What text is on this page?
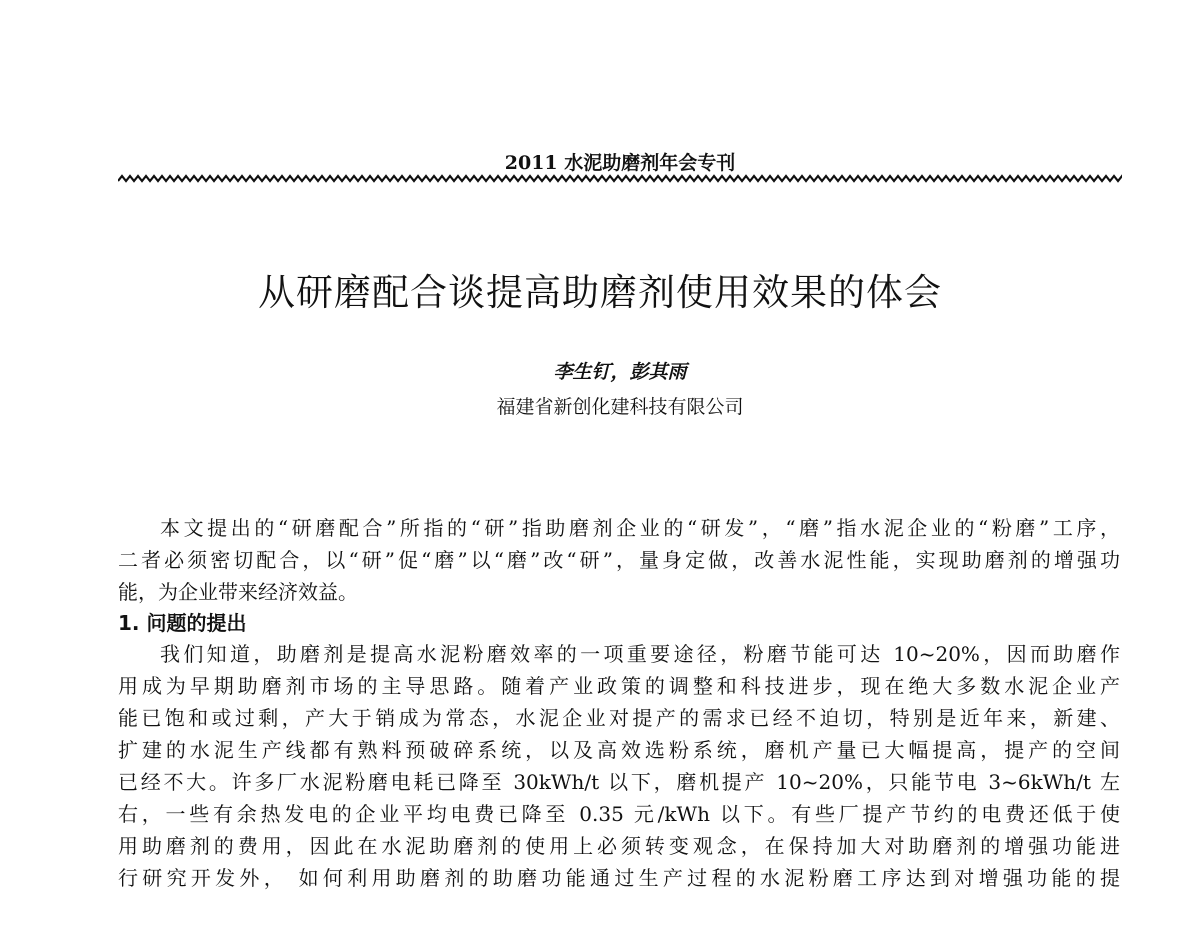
2011 水泥助磨剂年会专刊
从研磨配合谈提高助磨剂使用效果的体会
李生钉，彭其雨
福建省新创化建科技有限公司
本文提出的“研磨配合”所指的“研”指助磨剂企业的“研发”，“磨”指水泥企业的“粉磨”工序，
二者必须密切配合，以“研”促“磨”以“磨”改“研”，量身定做，改善水泥性能，实现助磨剂的增强功
能，为企业带来经济效益。
1. 问题的提出
我们知道，助磨剂是提高水泥粉磨效率的一项重要途径，粉磨节能可达 10~20%，因而助磨作
用成为早期助磨剂市场的主导思路。随着产业政策的调整和科技进步，现在绝大多数水泥企业产
能已饱和或过剩，产大于销成为常态，水泥企业对提产的需求已经不迫切，特别是近年来，新建、
扩建的水泥生产线都有熟料预破碎系统，以及高效选粉系统，磨机产量已大幅提高，提产的空间
已经不大。许多厂水泥粉磨电耗已降至 30kWh/t 以下，磨机提产 10~20%，只能节电 3~6kWh/t 左
右，一些有余热发电的企业平均电费已降至 0.35 元/kWh 以下。有些厂提产节约的电费还低于使
用助磨剂的费用，因此在水泥助磨剂的使用上必须转变观念，在保持加大对助磨剂的增强功能进
行研究开发外， 如何利用助磨剂的助磨功能通过生产过程的水泥粉磨工序达到对增强功能的提
